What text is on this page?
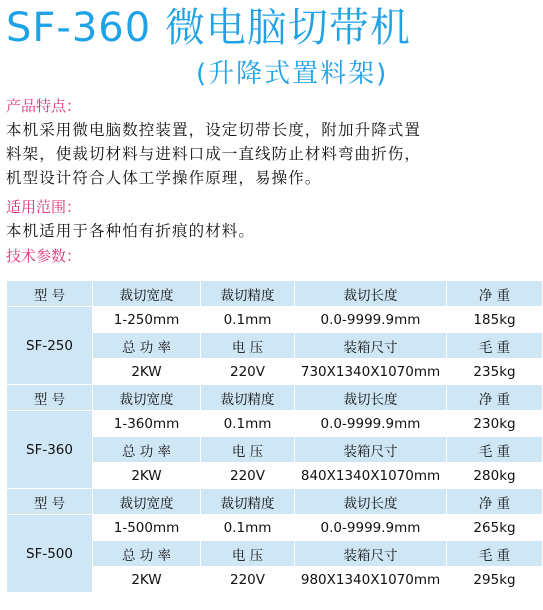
SF-360 微电脑切带机
(升降式置料架)
产品特点：
本机采用微电脑数控装置，设定切带长度，附加升降式置
料架，使裁切材料与进料口成一直线防止材料弯曲折伤，
机型设计符合人体工学操作原理，易操作。
适用范围：
本机适用于各种怕有折痕的材料。
技术参数：
型 号	裁切宽度	裁切精度	裁切长度	净 重
SF-250	1-250mm	0.1mm	0.0-9999.9mm	185kg
	总 功 率	电 压	装箱尺寸	毛 重
	2KW	220V	730X1340X1070mm	235kg
型 号	裁切宽度	裁切精度	裁切长度	净 重
SF-360	1-360mm	0.1mm	0.0-9999.9mm	230kg
	总 功 率	电 压	装箱尺寸	毛 重
	2KW	220V	840X1340X1070mm	280kg
型 号	裁切宽度	裁切精度	裁切长度	净 重
SF-500	1-500mm	0.1mm	0.0-9999.9mm	265kg
	总 功 率	电 压	装箱尺寸	毛 重
	2KW	220V	980X1340X1070mm	295kg
